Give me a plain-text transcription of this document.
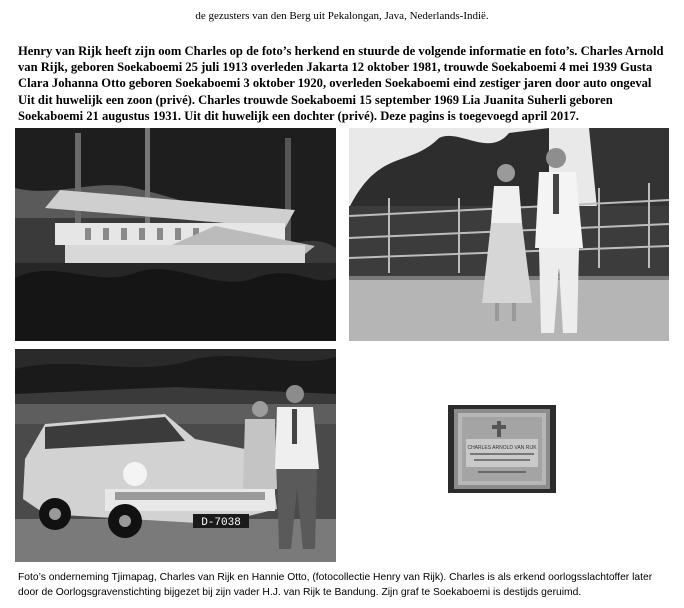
de gezusters van den Berg uit Pekalongan, Java, Nederlands-Indië.
Henry van Rijk heeft zijn oom Charles op de foto’s herkend en stuurde de volgende informatie en foto’s. Charles Arnold van Rijk, geboren Soekaboemi 25 juli 1913 overleden Jakarta 12 oktober 1981, trouwde Soekaboemi 4 mei 1939 Gusta Clara Johanna Otto geboren Soekaboemi 3 oktober 1920, overleden Soekaboemi eind zestiger jaren door auto ongeval Uit dit huwelijk een zoon (privé). Charles trouwde Soekaboemi 15 september 1969 Lia Juanita Suherli geboren Soekaboemi 21 augustus 1931. Uit dit huwelijk een dochter (privé). Deze pagins is toegevoegd april 2017.
D-7038
CHARLES ARNOLD VAN RIJK
Foto’s onderneming Tjimapag, Charles van Rijk en Hannie Otto, (fotocollectie Henry van Rijk). Charles is als erkend oorlogsslachtoffer later door de Oorlogsgravenstichting bijgezet bij zijn vader H.J. van Rijk te Bandung. Zijn graf te Soekaboemi is destijds geruimd.
